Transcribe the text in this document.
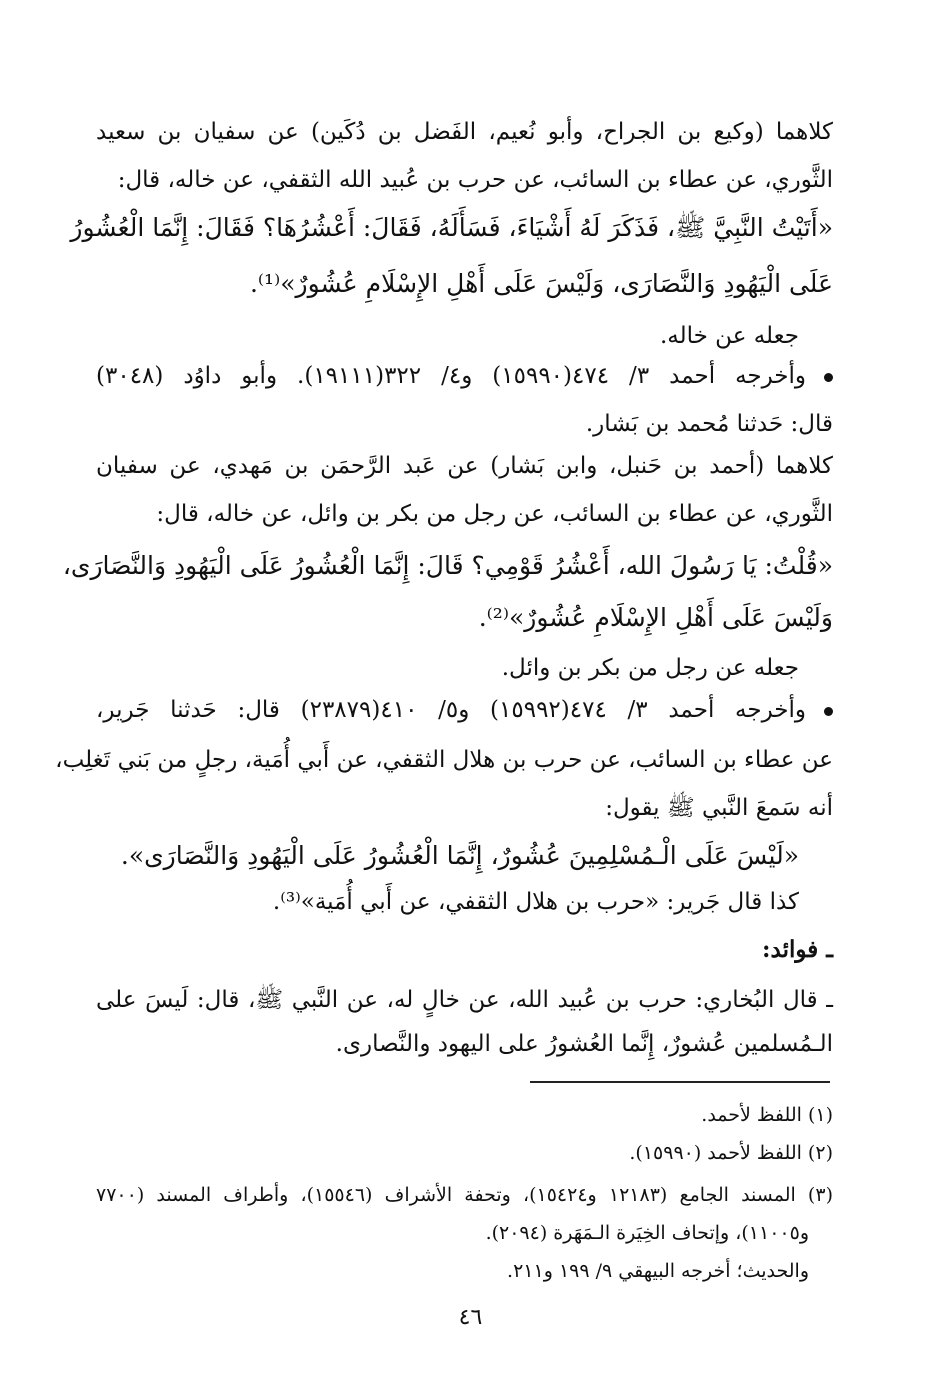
كلاهما (وكيع بن الجراح، وأبو نُعيم، الفَضل بن دُكَين) عن سفيان بن سعيد
الثَّوري، عن عطاء بن السائب، عن حرب بن عُبيد الله الثقفي، عن خاله، قال:
«أَتَيْتُ النَّبِيَّ ﷺ، فَذَكَرَ لَهُ أَشْيَاءَ، فَسَأَلَهُ، فَقَالَ: أَعْشُرُهَا؟ فَقَالَ: إِنَّمَا الْعُشُورُ
عَلَى الْيَهُودِ وَالنَّصَارَى، وَلَيْسَ عَلَى أَهْلِ الإِسْلَامِ عُشُورٌ»⁽¹⁾.
جعله عن خاله.
وأخرجه أحمد ٣/ ٤٧٤(١٥٩٩٠) و٤/ ٣٢٢(١٩١١١). وأبو داوُد (٣٠٤٨)
قال: حَدثنا مُحمد بن بَشار.
كلاهما (أحمد بن حَنبل، وابن بَشار) عن عَبد الرَّحمَن بن مَهدي، عن سفيان
الثَّوري، عن عطاء بن السائب، عن رجل من بكر بن وائل، عن خاله، قال:
«قُلْتُ: يَا رَسُولَ الله، أَعْشُرُ قَوْمِي؟ قَالَ: إِنَّمَا الْعُشُورُ عَلَى الْيَهُودِ وَالنَّصَارَى،
وَلَيْسَ عَلَى أَهْلِ الإِسْلَامِ عُشُورٌ»⁽²⁾.
جعله عن رجل من بكر بن وائل.
وأخرجه أحمد ٣/ ٤٧٤(١٥٩٩٢) و٥/ ٤١٠(٢٣٨٧٩) قال: حَدثنا جَرير،
عن عطاء بن السائب، عن حرب بن هلال الثقفي، عن أَبي أُمَية، رجلٍ من بَني تَغلِب،
أنه سَمعَ النَّبي ﷺ يقول:
«لَيْسَ عَلَى الْـمُسْلِمِينَ عُشُورٌ، إِنَّمَا الْعُشُورُ عَلَى الْيَهُودِ وَالنَّصَارَى».
كذا قال جَرير: «حرب بن هلال الثقفي، عن أَبي أُمَية»⁽³⁾.
ـ فوائد:
ـ قال البُخاري: حرب بن عُبيد الله، عن خالٍ له، عن النَّبي ﷺ، قال: لَيسَ على
الـمُسلمين عُشورٌ، إِنَّما العُشورُ على اليهود والنَّصارى.
(١) اللفظ لأحمد.
(٢) اللفظ لأحمد (١٥٩٩٠).
(٣) المسند الجامع (١٢١٨٣ و١٥٤٢٤)، وتحفة الأشراف (١٥٥٤٦)، وأطراف المسند (٧٧٠٠
و١١٠٠٥)، وإتحاف الخِيَرة الـمَهَرة (٢٠٩٤).
والحديث؛ أخرجه البيهقي ٩/ ١٩٩ و٢١١.
٤٦
